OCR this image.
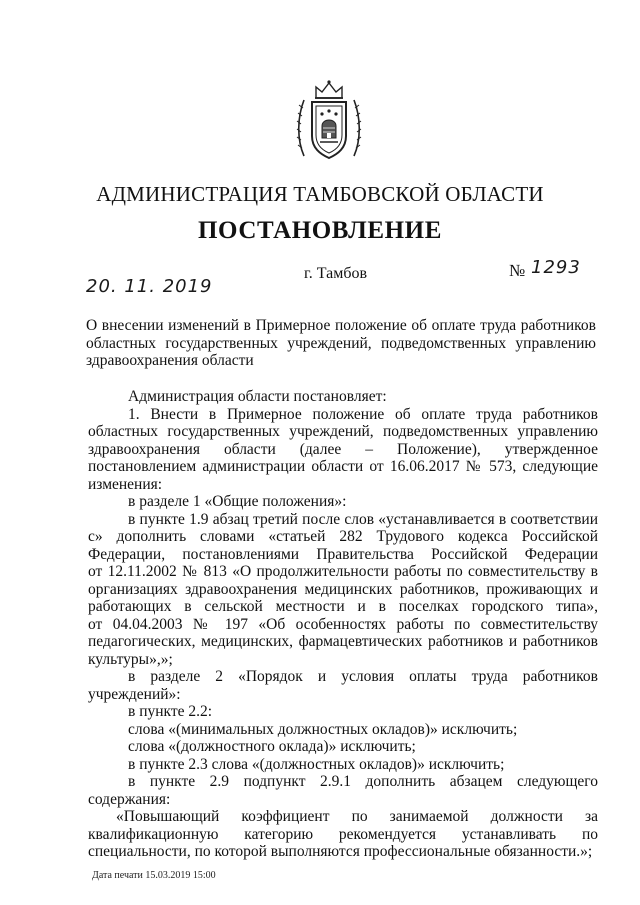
АДМИНИСТРАЦИЯ ТАМБОВСКОЙ ОБЛАСТИ
ПОСТАНОВЛЕНИЕ
20. 11. 2019
г. Тамбов	№ 1293
О внесении изменений в Примерное положение об оплате труда работников
областных государственных учреждений, подведомственных управлению
здравоохранения области

Администрация области постановляет:

1. Внести в Примерное положение об оплате труда работников

областных государственных учреждений, подведомственных управлению

здравоохранения области (далее – Положение), утвержденное

постановлением администрации области от 16.06.2017 № 573, следующие

изменения:

в разделе 1 «Общие положения»:

в пункте 1.9 абзац третий после слов «устанавливается в соответствии

с» дополнить словами «статьей 282 Трудового кодекса Российской

Федерации, постановлениями Правительства Российской Федерации

от 12.11.2002 № 813 «О продолжительности работы по совместительству в

организациях здравоохранения медицинских работников, проживающих и

работающих в сельской местности и в поселках городского типа»,

от 04.04.2003 № 197 «Об особенностях работы по совместительству

педагогических, медицинских, фармацевтических работников и работников

культуры»,»;

в разделе 2 «Порядок и условия оплаты труда работников учреждений»:

в пункте 2.2:

слова «(минимальных должностных окладов)» исключить;

слова «(должностного оклада)» исключить;

в пункте 2.3 слова «(должностных окладов)» исключить;

в пункте 2.9 подпункт 2.9.1 дополнить абзацем следующего

содержания:

«Повышающий коэффициент по занимаемой должности за

квалификационную категорию рекомендуется устанавливать по

специальности, по которой выполняются профессиональные обязанности.»;

Дата печати 15.03.2019 15:00
